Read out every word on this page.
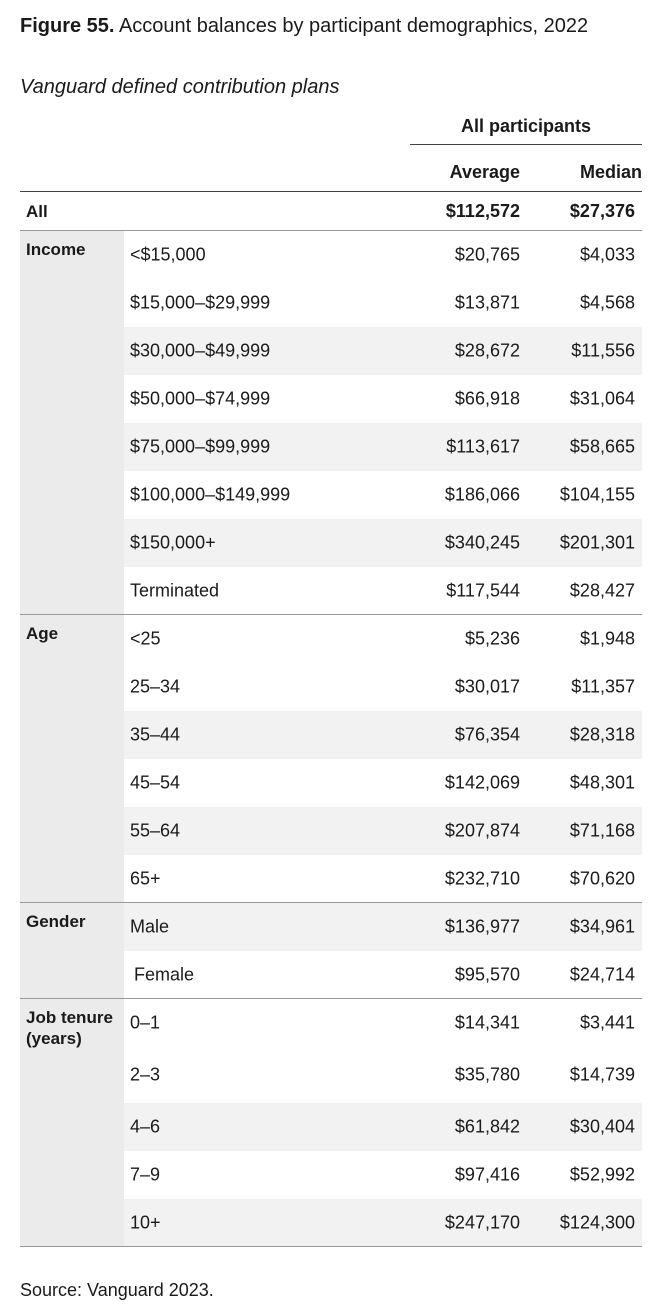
Figure 55. Account balances by participant demographics, 2022
Vanguard defined contribution plans
All participants
Average	Median
All	$112,572	$27,376
Income <$15,000	$20,765	$4,033
$15,000–$29,999	$13,871	$4,568
$30,000–$49,999	$28,672	$11,556
$50,000–$74,999	$66,918	$31,064
$75,000–$99,999	$113,617	$58,665
$100,000–$149,999	$186,066	$104,155
$150,000+	$340,245	$201,301
Terminated	$117,544	$28,427
Age	<25	$5,236	$1,948
25–34	$30,017	$11,357
35–44	$76,354	$28,318
45–54	$142,069	$48,301
55–64	$207,874	$71,168
65+	$232,710	$70,620
Gender Male	$136,977	$34,961
Female	$95,570	$24,714
Job tenure
(years)
0–1	$14,341	$3,441
2–3	$35,780	$14,739
4–6	$61,842	$30,404
7–9	$97,416	$52,992
10+	$247,170	$124,300
Source: Vanguard 2023.
